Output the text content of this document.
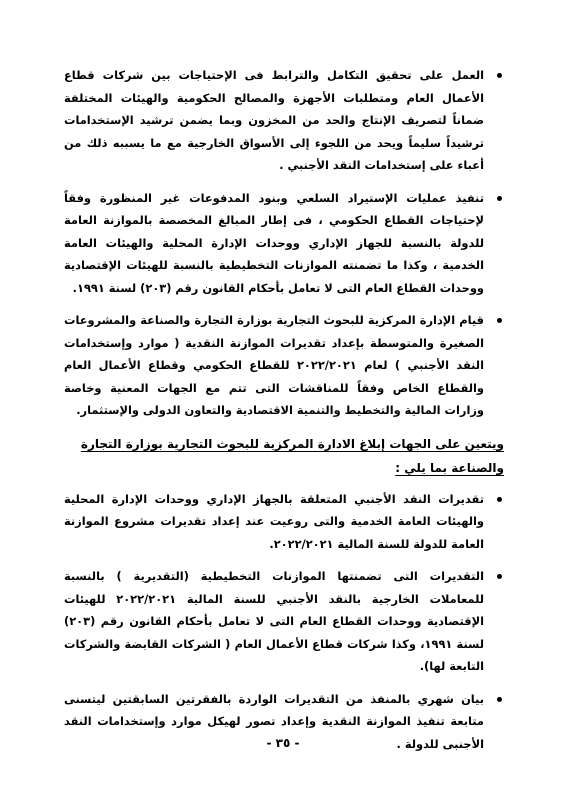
العمل على تحقيق التكامل والترابط فى الإحتياجات بين شركات قطاع الأعمال العام ومتطلبات الأجهزة والمصالح الحكومية والهيئات المختلفة ضماناً لتصريف الإنتاج والحد من المخزون وبما يضمن ترشيد الإستخدامات ترشيداً سليماً ويحد من اللجوء إلى الأسواق الخارجية مع ما يسببه ذلك من أعباء على إستخدامات النقد الأجنبي .
تنفيذ عمليات الإستيراد السلعي وبنود المدفوعات غير المنظورة وفقاً لإحتياجات القطاع الحكومي ، فى إطار المبالغ المخصصة بالموازنة العامة للدولة بالنسبة للجهاز الإداري ووحدات الإدارة المحلية والهيئات العامة الخدمية ، وكذا ما تضمنته الموازنات التخطيطية بالنسبة للهيئات الإقتصادية ووحدات القطاع العام التى لا تعامل بأحكام القانون رقم (٢٠٣) لسنة ١٩٩١.
قيام الإدارة المركزية للبحوث التجارية بوزارة التجارة والصناعة والمشروعات الصغيرة والمتوسطة بإعداد تقديرات الموازنة النقدية ( موارد وإستخدامات النقد الأجنبي ) لعام ٢٠٢٢/٢٠٢١ للقطاع الحكومي وقطاع الأعمال العام والقطاع الخاص وفقاً للمناقشات التى تتم مع الجهات المعنية وخاصة وزارات المالية والتخطيط والتنمية الاقتصادية والتعاون الدولى والإستثمار.
ويتعين على الجهات إبلاغ الادارة المركزية للبحوث التجارية بوزارة التجارة والصناعة بما يلي :
تقديرات النقد الأجنبي المتعلقة بالجهاز الإداري ووحدات الإدارة المحلية والهيئات العامة الخدمية والتى روعيت عند إعداد تقديرات مشروع الموازنة العامة للدولة للسنة المالية ٢٠٢٢/٢٠٢١.
التقديرات التى تضمنتها الموازنات التخطيطية (التقديرية ) بالنسبة للمعاملات الخارجية بالنقد الأجنبي للسنة المالية ٢٠٢٢/٢٠٢١ للهيئات الإقتصادية ووحدات القطاع العام التى لا تعامل بأحكام القانون رقم (٢٠٣) لسنة ١٩٩١، وكذا شركات قطاع الأعمال العام ( الشركات القابضة والشركات التابعة لها).
بيان شهري بالمنفذ من التقديرات الواردة بالفقرتين السابقتين ليتسنى متابعة تنفيذ الموازنة النقدية وإعداد تصور لهيكل موارد وإستخدامات النقد الأجنبى للدولة .
- ٣٥ -
